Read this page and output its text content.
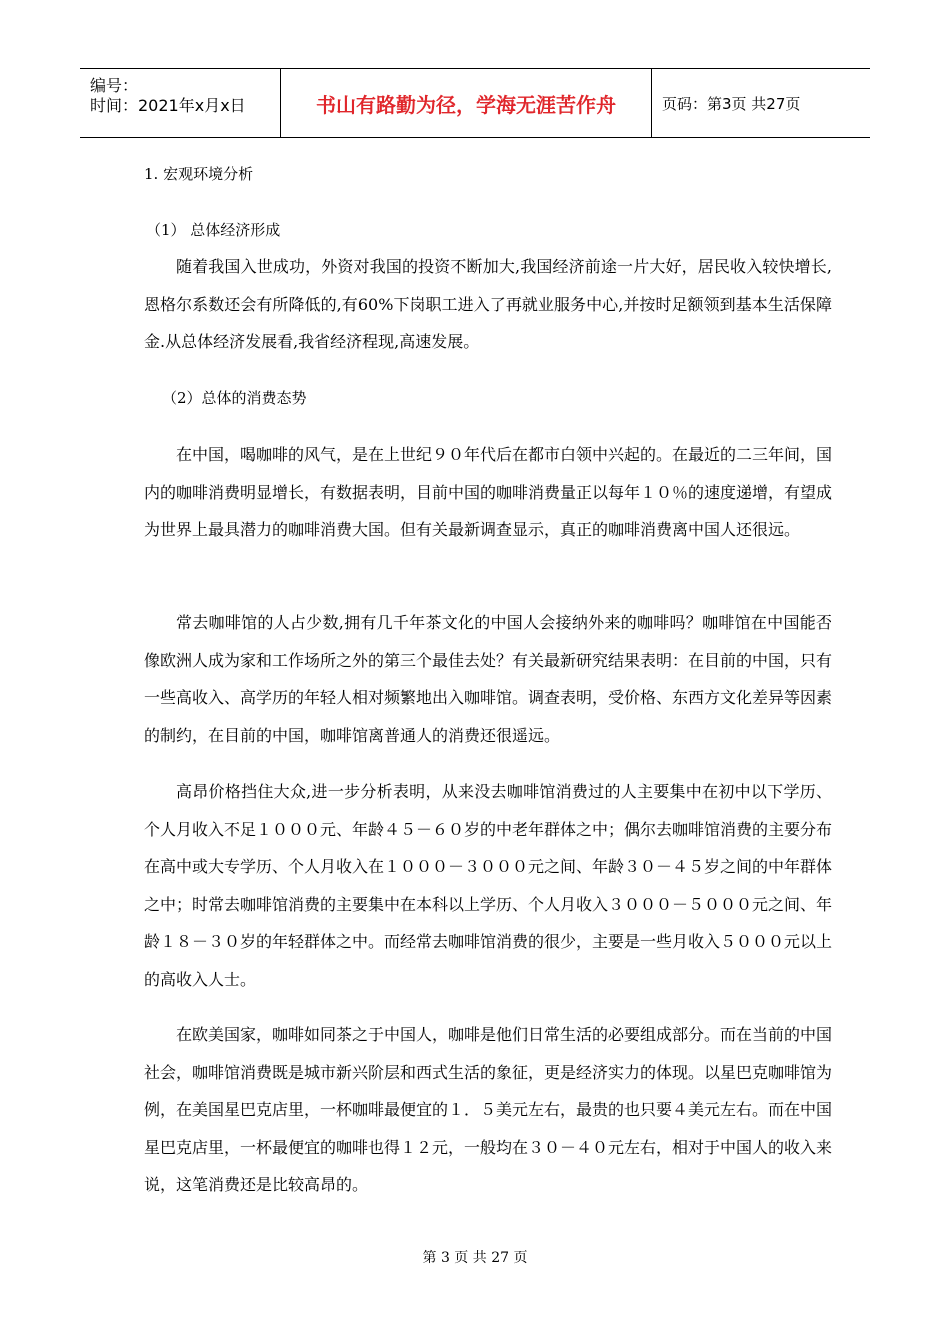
编号：
时间：2021年x月x日	书山有路勤为径，学海无涯苦作舟	页码：第3页 共27页
1. 宏观环境分析
（1） 总体经济形成
随着我国入世成功，外资对我国的投资不断加大,我国经济前途一片大好，居民收入较快增长,恩格尔系数还会有所降低的,有60%下岗职工进入了再就业服务中心,并按时足额领到基本生活保障金.从总体经济发展看,我省经济程现,高速发展。
（2）总体的消费态势
在中国，喝咖啡的风气，是在上世纪９０年代后在都市白领中兴起的。在最近的二三年间，国内的咖啡消费明显增长，有数据表明，目前中国的咖啡消费量正以每年１０％的速度递增，有望成为世界上最具潜力的咖啡消费大国。但有关最新调查显示，真正的咖啡消费离中国人还很远。
常去咖啡馆的人占少数,拥有几千年茶文化的中国人会接纳外来的咖啡吗？咖啡馆在中国能否像欧洲人成为家和工作场所之外的第三个最佳去处？有关最新研究结果表明：在目前的中国，只有一些高收入、高学历的年轻人相对频繁地出入咖啡馆。调查表明，受价格、东西方文化差异等因素的制约，在目前的中国，咖啡馆离普通人的消费还很遥远。
高昂价格挡住大众,进一步分析表明，从来没去咖啡馆消费过的人主要集中在初中以下学历、个人月收入不足１０００元、年龄４５－６０岁的中老年群体之中；偶尔去咖啡馆消费的主要分布在高中或大专学历、个人月收入在１０００－３０００元之间、年龄３０－４５岁之间的中年群体之中；时常去咖啡馆消费的主要集中在本科以上学历、个人月收入３０００－５０００元之间、年龄１８－３０岁的年轻群体之中。而经常去咖啡馆消费的很少，主要是一些月收入５０００元以上的高收入人士。
在欧美国家，咖啡如同茶之于中国人，咖啡是他们日常生活的必要组成部分。而在当前的中国社会，咖啡馆消费既是城市新兴阶层和西式生活的象征，更是经济实力的体现。以星巴克咖啡馆为例，在美国星巴克店里，一杯咖啡最便宜的１．５美元左右，最贵的也只要４美元左右。而在中国星巴克店里，一杯最便宜的咖啡也得１２元，一般均在３０－４０元左右，相对于中国人的收入来说，这笔消费还是比较高昂的。
第 3 页 共 27 页
